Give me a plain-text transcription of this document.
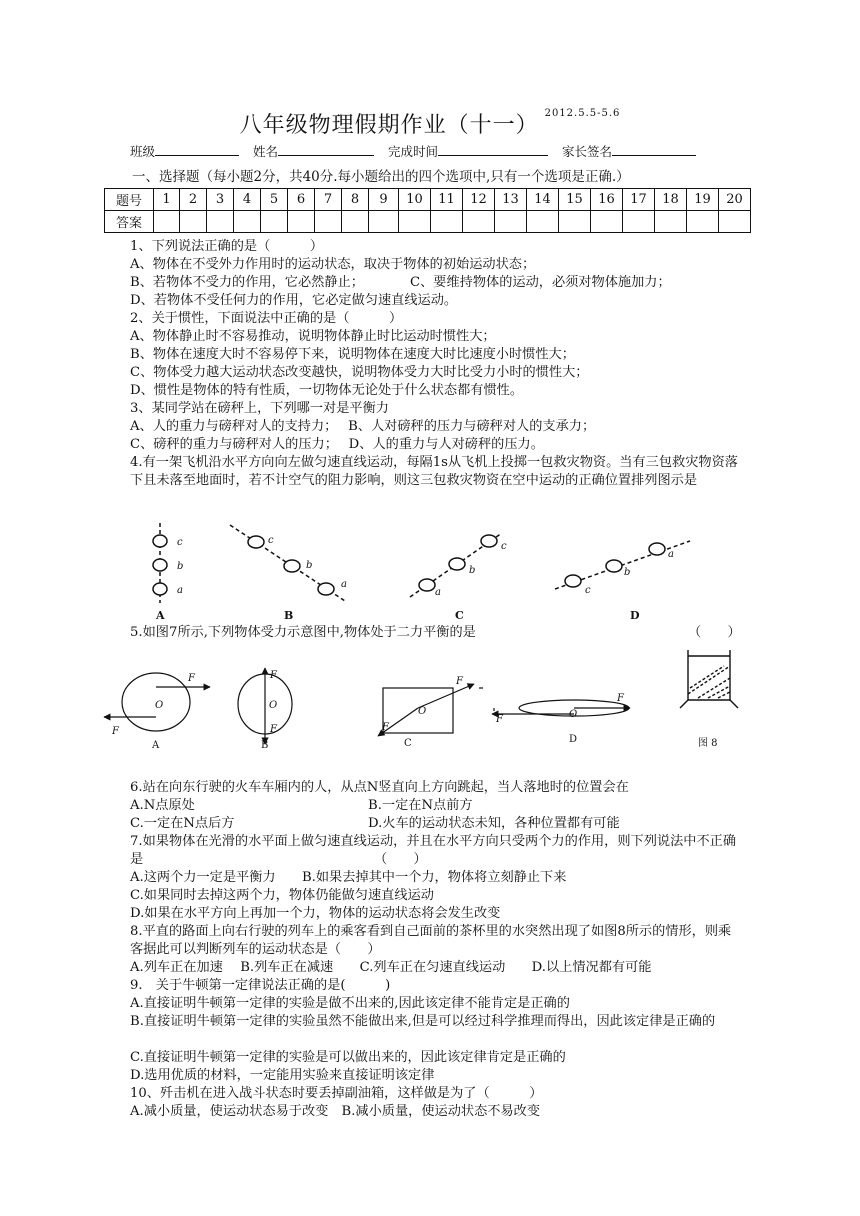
八年级物理假期作业（十一） $^{2012.5.5-5.6}$
班级	姓名	完成时间	家长签名
一、选择题（每小题2分，共40分.每小题给出的四个选项中,只有一个选项是正确.）
题号	1	2	3	4	5	6	7	8	9	10	11	12	13	14	15	16	17	18	19	20
答案																				
1、下列说法正确的是（　　　）
A、物体在不受外力作用时的运动状态，取决于物体的初始运动状态；
B、若物体不受力的作用，它必然静止；　　　　C、要维持物体的运动，必须对物体施加力；
D、若物体不受任何力的作用，它必定做匀速直线运动。
2、关于惯性，下面说法中正确的是（　　　）
A、物体静止时不容易推动，说明物体静止时比运动时惯性大；
B、物体在速度大时不容易停下来，说明物体在速度大时比速度小时惯性大；
C、物体受力越大运动状态改变越快，说明物体受力大时比受力小时的惯性大；
D、惯性是物体的特有性质，一切物体无论处于什么状态都有惯性。
3、某同学站在磅秤上，下列哪一对是平衡力
A、人的重力与磅秤对人的支持力；　 B、人对磅秤的压力与磅秤对人的支承力；
C、磅秤的重力与磅秤对人的压力；　 D、人的重力与人对磅秤的压力。
4.有一架飞机沿水平方向向左做匀速直线运动，每隔1s从飞机上投掷一包救灾物资。当有三包救灾物资落下且未落至地面时，若不计空气的阻力影响，则这三包救灾物资在空中运动的正确位置排列图示是
c
b
a
c
b
a
a
b
c
c
b
a
A	B	C	D
5.如图7所示,下列物体受力示意图中,物体处于二力平衡的是	（　　）
F
F
O
F
F
O
F
F
O
F
F	O
A	B	C	D	图 8
6.站在向东行驶的火车车厢内的人，从点N竖直向上方向跳起，当人落地时的位置会在
A.N点原处	B.一定在N点前方
C.一定在N点后方	D.火车的运动状态未知，各种位置都有可能
7.如果物体在光滑的水平面上做匀速直线运动，并且在水平方向只受两个力的作用，则下列说法中不正确是　　　　　　　　　　　　　　　　　　（　　）
A.这两个力一定是平衡力　　B.如果去掉其中一个力，物体将立刻静止下来
C.如果同时去掉这两个力，物体仍能做匀速直线运动
D.如果在水平方向上再加一个力，物体的运动状态将会发生改变
8.平直的路面上向右行驶的列车上的乘客看到自己面前的茶杯里的水突然出现了如图8所示的情形，则乘客据此可以判断列车的运动状态是（　　）
A.列车正在加速　 B.列车正在减速　　C.列车正在匀速直线运动　　D.以上情况都有可能
9.　关于牛顿第一定律说法正确的是(　　　)
A.直接证明牛顿第一定律的实验是做不出来的,因此该定律不能肯定是正确的
B.直接证明牛顿第一定律的实验虽然不能做出来,但是可以经过科学推理而得出，因此该定律是正确的
C.直接证明牛顿第一定律的实验是可以做出来的，因此该定律肯定是正确的
D.选用优质的材料，一定能用实验来直接证明该定律
10、歼击机在进入战斗状态时要丢掉副油箱，这样做是为了（　　　）
A.减小质量，使运动状态易于改变　B.减小质量，使运动状态不易改变
